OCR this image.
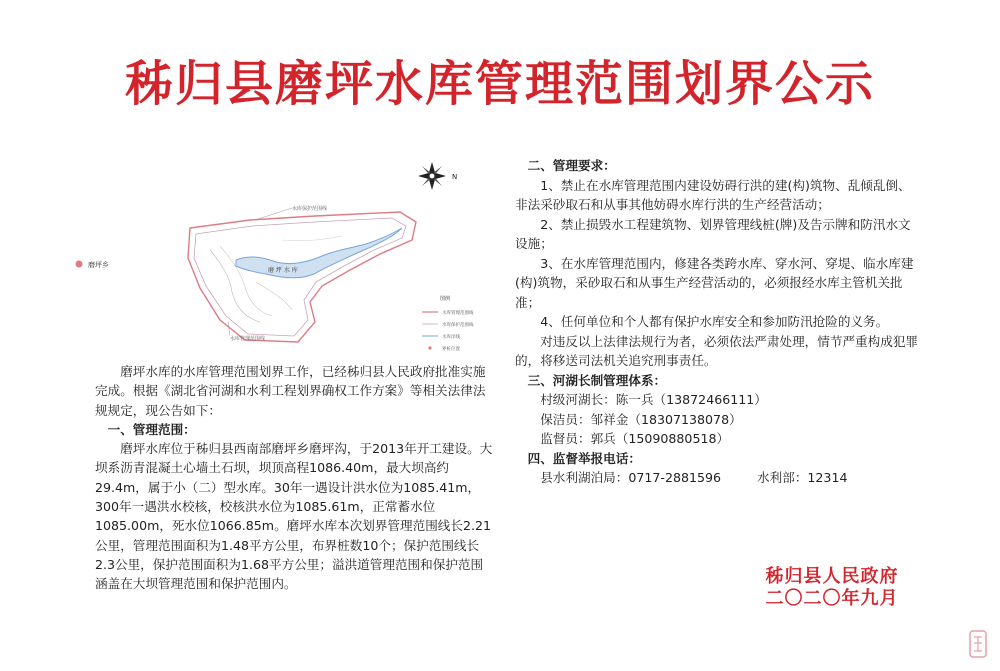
秭归县磨坪水库管理范围划界公示
N
磨坪乡
磨 坪 水 库
水库保护范围线
水库管理范围线
图例
水库管理范围线
水库保护范围线
水库岸线
界桩位置

磨坪水库的水库管理范围划界工作，已经秭归县人民政府批准实施完成。根据《湖北省河湖和水利工程划界确权工作方案》等相关法律法规规定，现公告如下：

一、管理范围：

磨坪水库位于秭归县西南部磨坪乡磨坪沟，于2013年开工建设。大坝系沥青混凝土心墙土石坝，坝顶高程1086.40m，最大坝高约29.4m，属于小（二）型水库。30年一遇设计洪水位为1085.41m，300年一遇洪水校核，校核洪水位为1085.61m，正常蓄水位1085.00m，死水位1066.85m。磨坪水库本次划界管理范围线长2.21公里，管理范围面积为1.48平方公里，布界桩数10个；保护范围线长2.3公里，保护范围面积为1.68平方公里；溢洪道管理范围和保护范围涵盖在大坝管理范围和保护范围内。

二、管理要求：

1、禁止在水库管理范围内建设妨碍行洪的建(构)筑物、乱倾乱倒、非法采砂取石和从事其他妨碍水库行洪的生产经营活动；

2、禁止损毁水工程建筑物、划界管理线桩(牌)及告示牌和防汛水文设施；

3、在水库管理范围内，修建各类跨水库、穿水河、穿堤、临水库建(构)筑物，采砂取石和从事生产经营活动的，必须报经水库主管机关批准；

4、任何单位和个人都有保护水库安全和参加防汛抢险的义务。

对违反以上法律法规行为者，必须依法严肃处理，情节严重构成犯罪的，将移送司法机关追究刑事责任。

三、河湖长制管理体系：

村级河湖长：陈一兵（13872466111）

保洁员：邹祥金（18307138078）

监督员：郭兵（15090880518）

四、监督举报电话：

县水利湖泊局：0717-2881596	水利部：12314

秭归县人民政府
二〇二〇年九月
